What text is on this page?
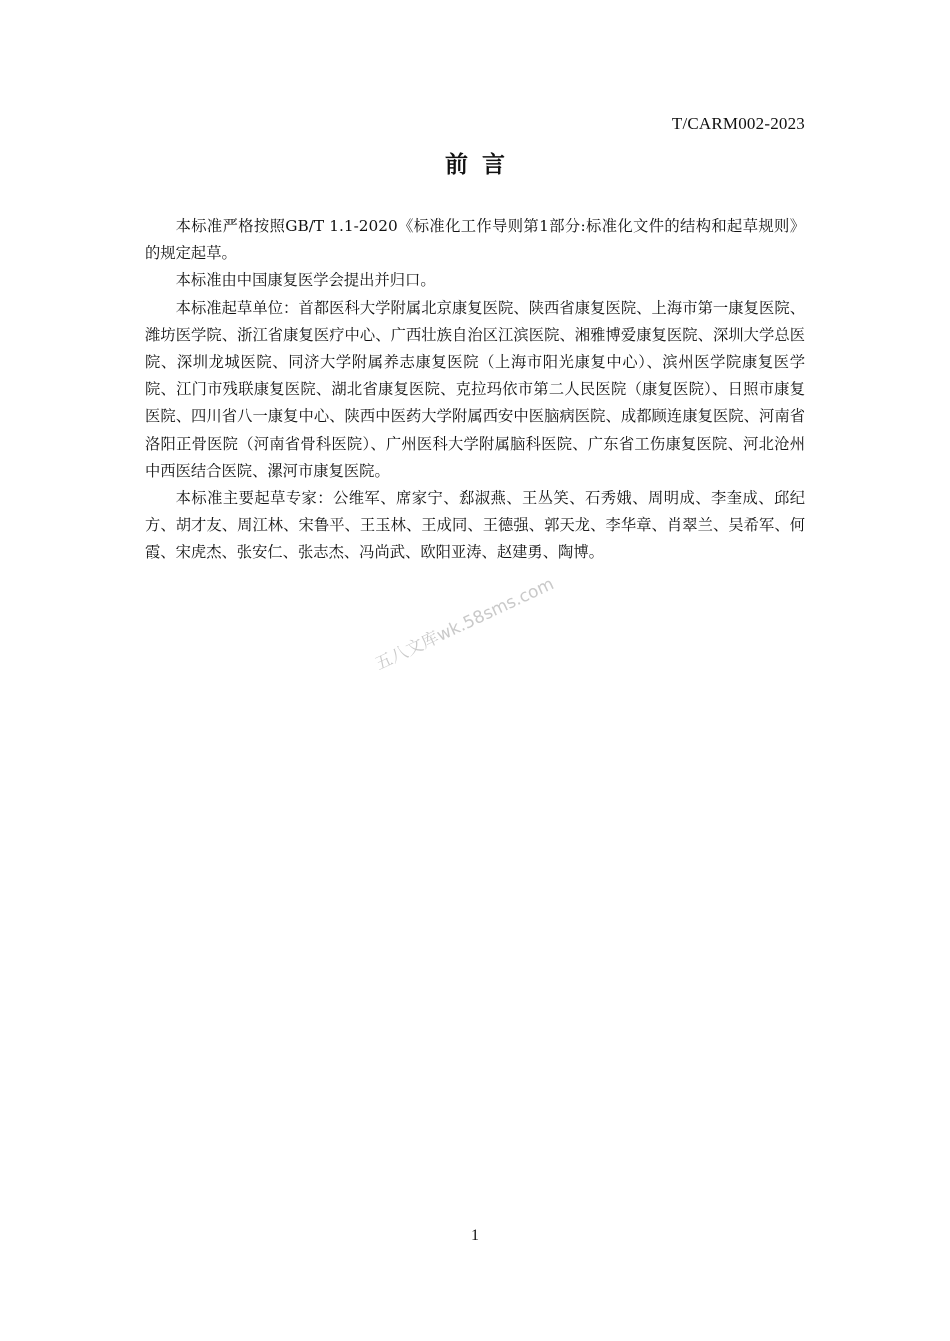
T/CARM002-2023
前言

本标准严格按照GB/T 1.1-2020《标准化工作导则第1部分:标准化文件的结构和起草规则》的规定起草。

本标准由中国康复医学会提出并归口。

本标准起草单位：首都医科大学附属北京康复医院、陕西省康复医院、上海市第一康复医院、潍坊医学院、浙江省康复医疗中心、广西壮族自治区江滨医院、湘雅博爱康复医院、深圳大学总医院、深圳龙城医院、同济大学附属养志康复医院（上海市阳光康复中心）、滨州医学院康复医学院、江门市残联康复医院、湖北省康复医院、克拉玛依市第二人民医院（康复医院）、日照市康复医院、四川省八一康复中心、陕西中医药大学附属西安中医脑病医院、成都顾连康复医院、河南省洛阳正骨医院（河南省骨科医院）、广州医科大学附属脑科医院、广东省工伤康复医院、河北沧州中西医结合医院、漯河市康复医院。

本标准主要起草专家：公维军、席家宁、郄淑燕、王丛笑、石秀娥、周明成、李奎成、邱纪方、胡才友、周江林、宋鲁平、王玉林、王成同、王德强、郭天龙、李华章、肖翠兰、吴希军、何霞、宋虎杰、张安仁、张志杰、冯尚武、欧阳亚涛、赵建勇、陶博。

五八文库wk.58sms.com
1
